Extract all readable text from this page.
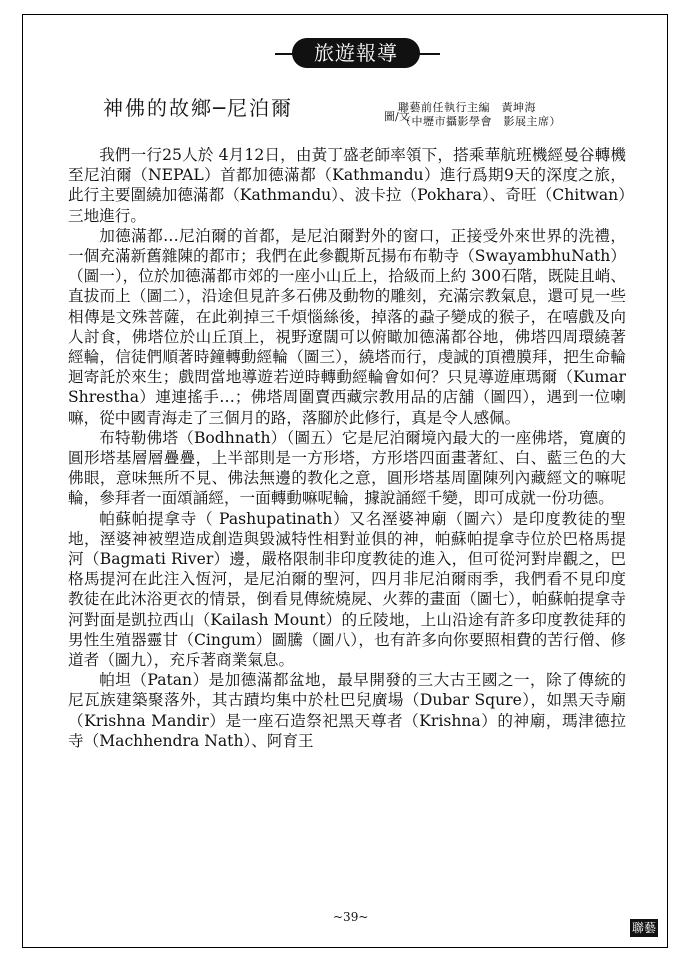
旅遊報導
神佛的故鄉─尼泊爾	圖/文
聯藝前任執行主編　黃坤海
（中壢市攝影學會　影展主席）

我們一行25人於 4月12日，由黃丁盛老師率領下，搭乘華航班機經曼谷轉機至尼泊爾（NEPAL）首都加德滿都（Kathmandu）進行爲期9天的深度之旅，此行主要圍繞加德滿都（Kathmandu）、波卡拉（Pokhara）、奇旺（Chitwan）三地進行。

加德滿都…尼泊爾的首都，是尼泊爾對外的窗口，正接受外來世界的洗禮，一個充滿新舊雜陳的都市；我們在此參觀斯瓦揚布布勒寺（SwayambhuNath）（圖一），位於加德滿都市郊的一座小山丘上，拾級而上約 300石階，既陡且峭、直拔而上（圖二），沿途但見許多石佛及動物的雕刻，充滿宗教氣息，還可見一些相傳是文殊菩薩，在此剃掉三千煩惱絲後，掉落的蝨子變成的猴子，在嘻戲及向人討食，佛塔位於山丘頂上，視野遼闊可以俯瞰加德滿都谷地，佛塔四周環繞著經輪，信徒們順著時鐘轉動經輪（圖三），繞塔而行，虔誠的頂禮膜拜，把生命輪迴寄託於來生；戲問當地導遊若逆時轉動經輪會如何？只見導遊庫瑪爾（Kumar Shrestha）連連搖手…；佛塔周圍賣西藏宗教用品的店舖（圖四），遇到一位喇嘛，從中國青海走了三個月的路，落腳於此修行，真是令人感佩。

布特勒佛塔（Bodhnath）（圖五）它是尼泊爾境內最大的一座佛塔，寬廣的圓形塔基層層疊疊，上半部則是一方形塔，方形塔四面畫著紅、白、藍三色的大佛眼，意味無所不見、佛法無邊的教化之意，圓形塔基周圍陳列內藏經文的嘛呢輪，參拜者一面頌誦經，一面轉動嘛呢輪，據說誦經千變，即可成就一份功德。

帕蘇帕提拿寺（ Pashupatinath）又名溼婆神廟（圖六）是印度教徒的聖地，溼婆神被塑造成創造與毀滅特性相對並俱的神，帕蘇帕提拿寺位於巴格馬提河（Bagmati River）邊，嚴格限制非印度教徒的進入，但可從河對岸觀之，巴格馬提河在此注入恆河，是尼泊爾的聖河，四月非尼泊爾雨季，我們看不見印度教徒在此沐浴更衣的情景，倒看見傳統燒屍、火葬的畫面（圖七），帕蘇帕提拿寺河對面是凱拉西山（Kailash Mount）的丘陵地，上山沿途有許多印度教徒拜的男性生殖器靈甘（Cingum）圖騰（圖八），也有許多向你要照相費的苦行僧、修道者（圖九），充斥著商業氣息。

帕坦（Patan）是加德滿都盆地，最早開發的三大古王國之一，除了傳統的尼瓦族建築聚落外，其古蹟均集中於杜巴兒廣場（Dubar Squre），如黑天寺廟（Krishna Mandir）是一座石造祭祀黑天尊者（Krishna）的神廟，瑪津德拉寺（Machhendra Nath）、阿育王

~39~
聯藝
